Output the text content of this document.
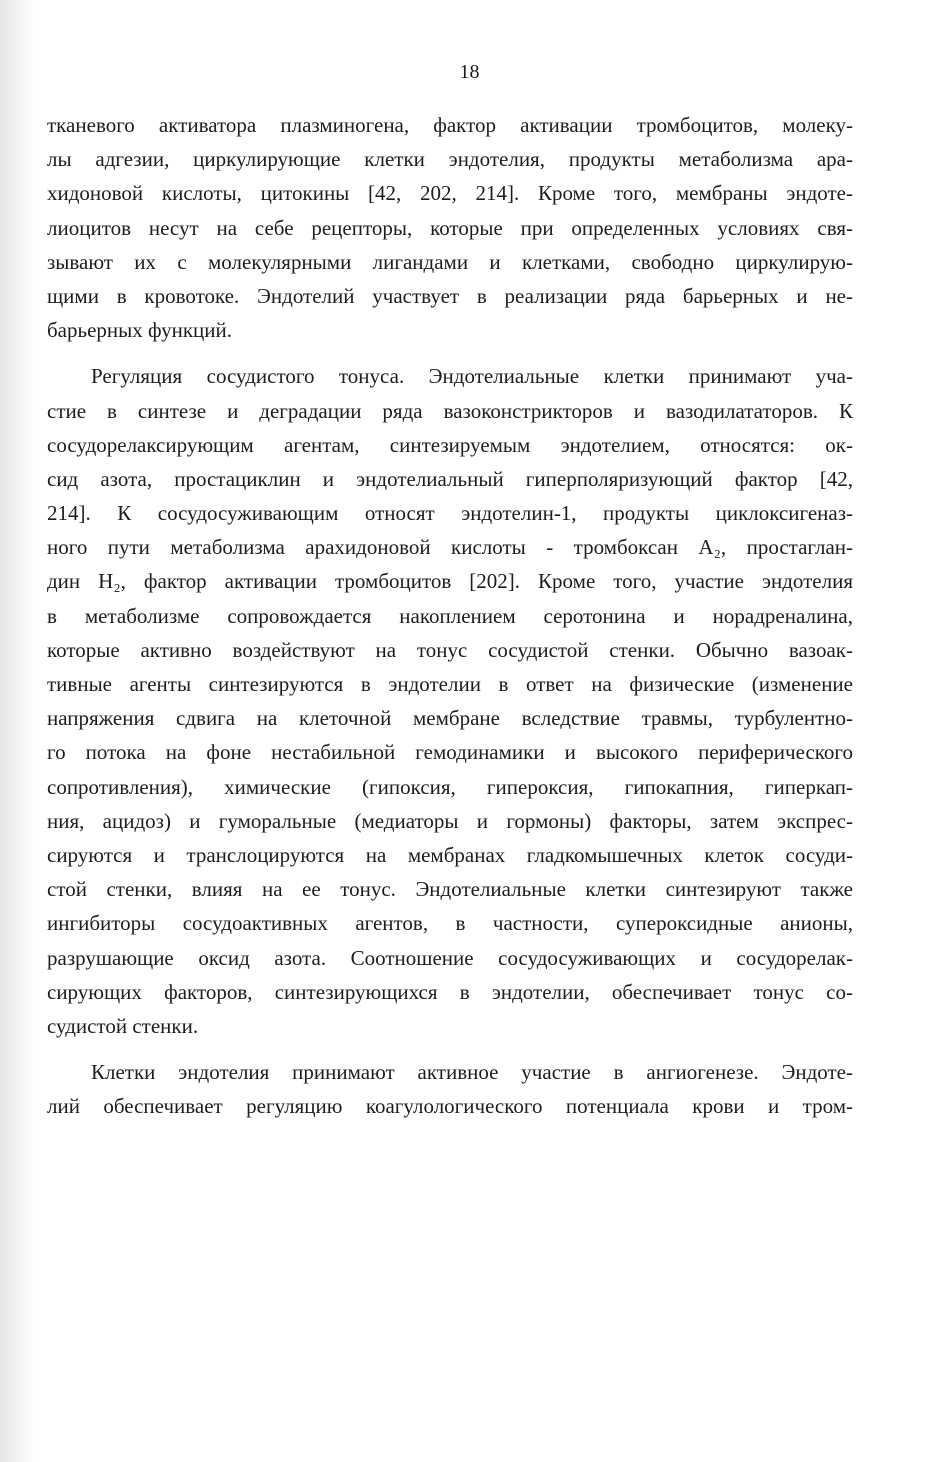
18
тканевого активатора плазминогена, фактор активации тромбоцитов, молеку-
лы адгезии, циркулирующие клетки эндотелия, продукты метаболизма ара-
хидоновой кислоты, цитокины [42, 202, 214]. Кроме того, мембраны эндоте-
лиоцитов несут на себе рецепторы, которые при определенных условиях свя-
зывают их с молекулярными лигандами и клетками, свободно циркулирую-
щими в кровотоке. Эндотелий участвует в реализации ряда барьерных и не-
барьерных функций.
Регуляция сосудистого тонуса. Эндотелиальные клетки принимают уча-
стие в синтезе и деградации ряда вазоконстрикторов и вазодилататоров. К
сосудорелаксирующим агентам, синтезируемым эндотелием, относятся: ок-
сид азота, простациклин и эндотелиальный гиперполяризующий фактор [42,
214]. К сосудосуживающим относят эндотелин-1, продукты циклоксигеназ-
ного пути метаболизма арахидоновой кислоты - тромбоксан A₂, простаглан-
дин H₂, фактор активации тромбоцитов [202]. Кроме того, участие эндотелия
в метаболизме сопровождается накоплением серотонина и норадреналина,
которые активно воздействуют на тонус сосудистой стенки. Обычно вазоак-
тивные агенты синтезируются в эндотелии в ответ на физические (изменение
напряжения сдвига на клеточной мембране вследствие травмы, турбулентно-
го потока на фоне нестабильной гемодинамики и высокого периферического
сопротивления), химические (гипоксия, гипероксия, гипокапния, гиперкап-
ния, ацидоз) и гуморальные (медиаторы и гормоны) факторы, затем экспрес-
сируются и транслоцируются на мембранах гладкомышечных клеток сосуди-
стой стенки, влияя на ее тонус. Эндотелиальные клетки синтезируют также
ингибиторы сосудоактивных агентов, в частности, супероксидные анионы,
разрушающие оксид азота. Соотношение сосудосуживающих и сосудорелак-
сирующих факторов, синтезирующихся в эндотелии, обеспечивает тонус со-
судистой стенки.
Клетки эндотелия принимают активное участие в ангиогенезе. Эндоте-
лий обеспечивает регуляцию коагулологического потенциала крови и тром-
